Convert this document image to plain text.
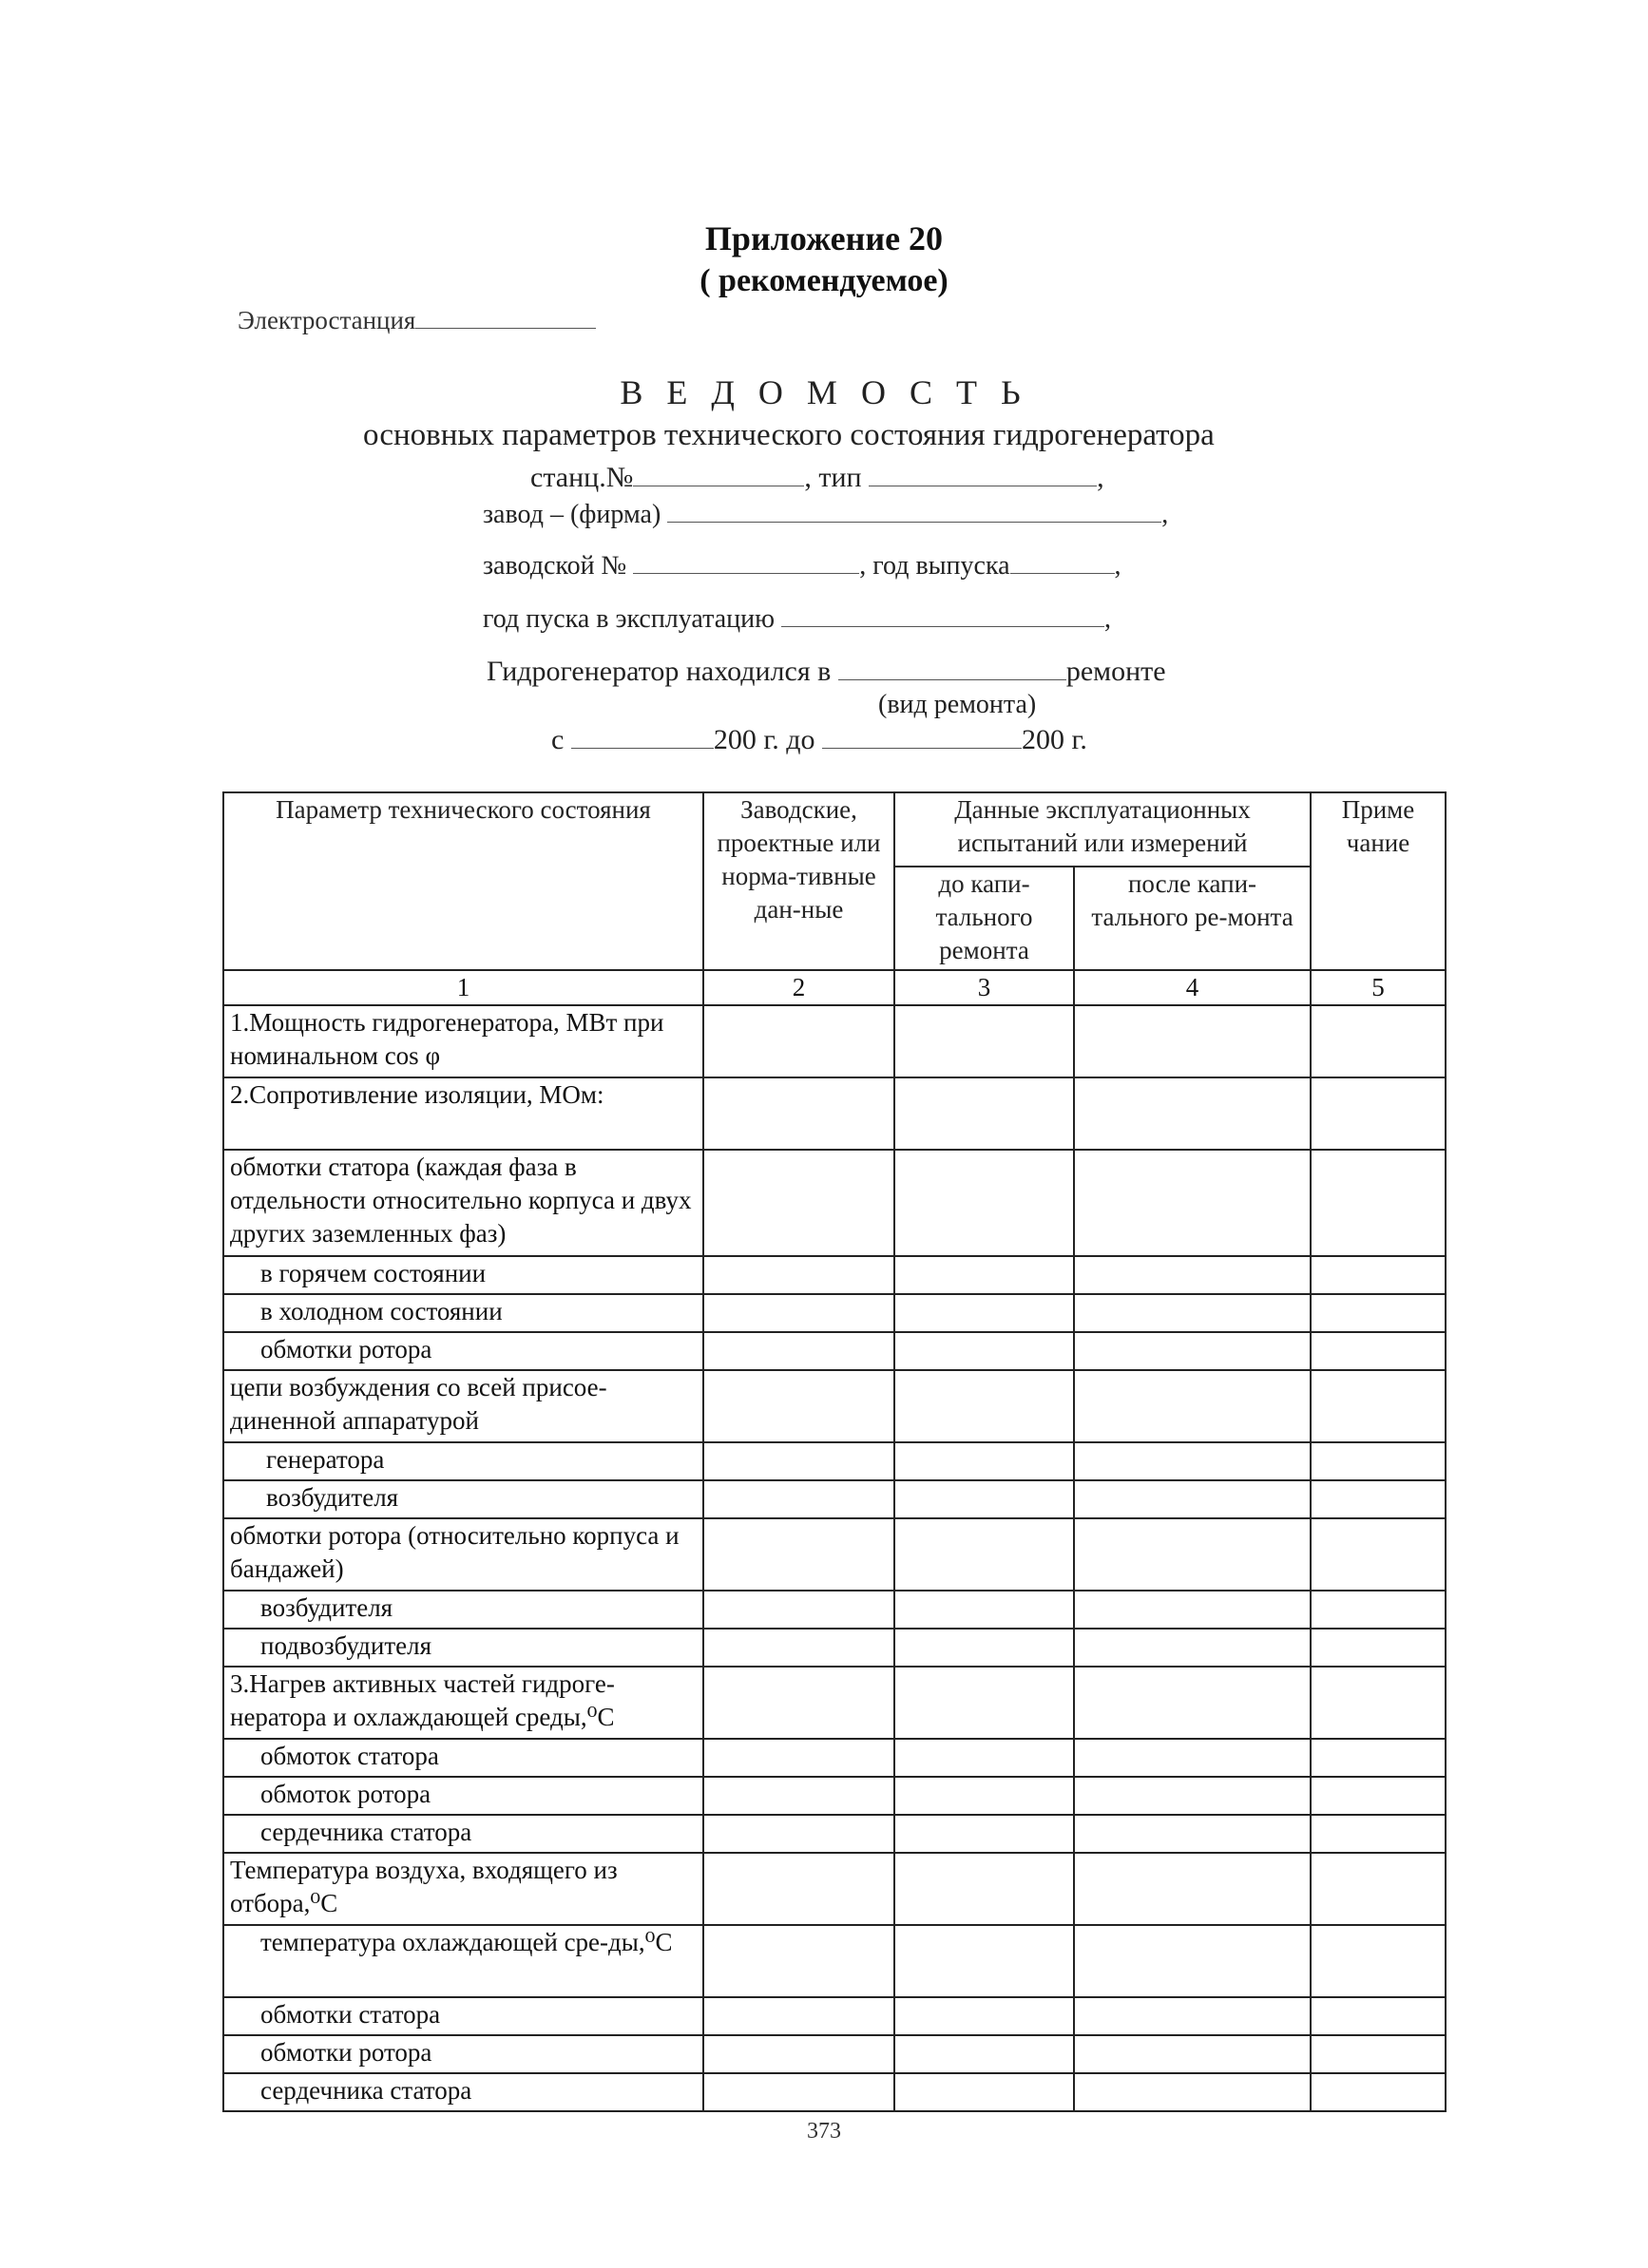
Приложение 20
( рекомендуемое)
Электростанция
В Е Д О М О С Т Ь
основных параметров технического состояния гидрогенератора
станц.№	, тип	,
завод – (фирма)	,
заводской №	, год выпуска	,
год пуска в эксплуатацию	,
Гидрогенератор находился в	ремонте
(вид ремонта)
с	200 г. до	200 г.
Параметр технического состояния	Заводские, проектные или норма-тивные дан-ные	Данные эксплуатационных испытаний или измерений		Приме чание
		до капи-тального ремонта	после капи-тального ре-монта	
1	2	3	4	5
1.Мощность гидрогенератора, МВт при номинальном cos φ				
2.Сопротивление изоляции, МОм:				
обмотки статора (каждая фаза в отдельности относительно корпуса и двух других заземленных фаз)				
в горячем состоянии				
в холодном состоянии				
обмотки ротора				
цепи возбуждения со всей присое-диненной аппаратурой				
генератора				
возбудителя				
обмотки ротора (относительно корпуса и бандажей)				
возбудителя				
подвозбудителя				
3.Нагрев активных частей гидроге-нератора и охлаждающей среды,⁰С				
обмоток статора				
обмоток ротора				
сердечника статора				
Температура воздуха, входящего из отбора,⁰С				
температура охлаждающей сре-ды,⁰С				
обмотки статора				
обмотки ротора				
сердечника статора				
373
